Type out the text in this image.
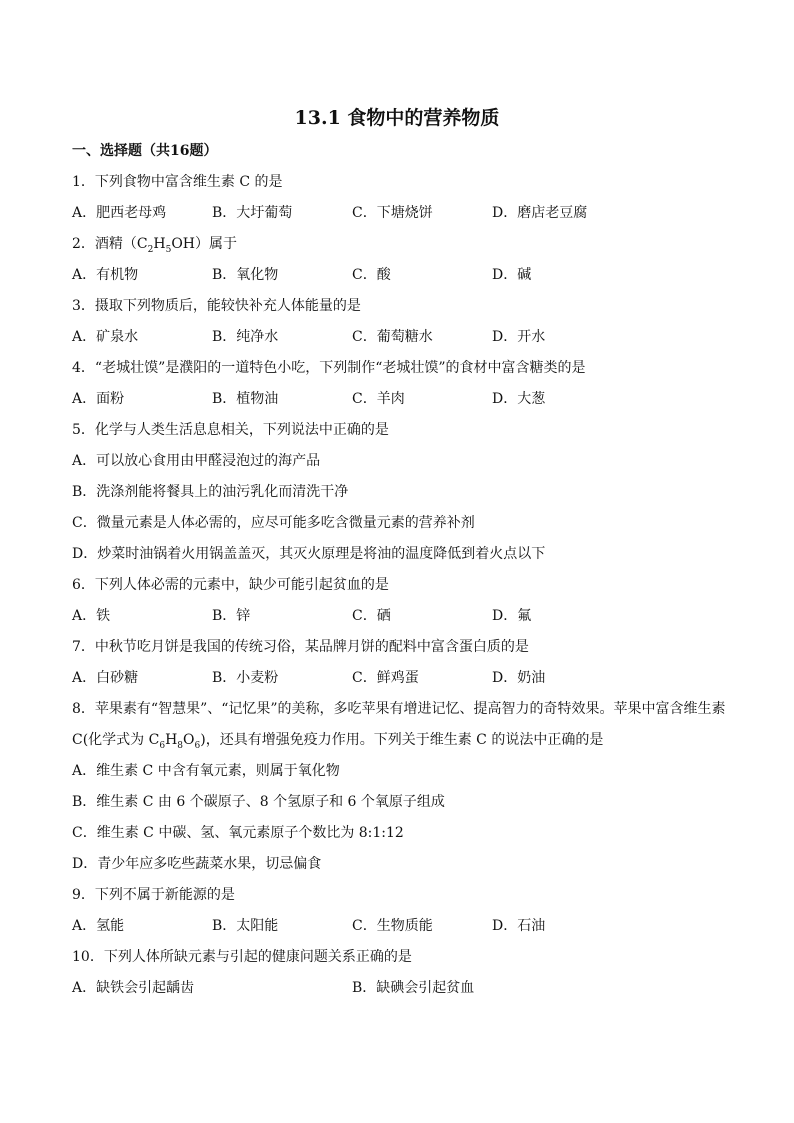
13.1 食物中的营养物质
一、选择题（共16题）
1．下列食物中富含维生素 C 的是
A．肥西老母鸡	B．大圩葡萄	C．下塘烧饼	D．磨店老豆腐
2．酒精$(C_2H_5OH)$属于
A．有机物	B．氧化物	C．酸	D．碱
3．摄取下列物质后，能较快补充人体能量的是
A．矿泉水	B．纯净水	C．葡萄糖水	D．开水
4．“老城壮馍”是濮阳的一道特色小吃，下列制作“老城壮馍”的食材中富含糖类的是
A．面粉	B．植物油	C．羊肉	D．大葱
5．化学与人类生活息息相关，下列说法中正确的是
A．可以放心食用由甲醛浸泡过的海产品
B．洗涤剂能将餐具上的油污乳化而清洗干净
C．微量元素是人体必需的，应尽可能多吃含微量元素的营养补剂
D．炒菜时油锅着火用锅盖盖灭，其灭火原理是将油的温度降低到着火点以下
6．下列人体必需的元素中，缺少可能引起贫血的是
A．铁	B．锌	C．硒	D．氟
7．中秋节吃月饼是我国的传统习俗，某品牌月饼的配料中富含蛋白质的是
A．白砂糖	B．小麦粉	C．鲜鸡蛋	D．奶油
8．苹果素有“智慧果”、“记忆果”的美称，多吃苹果有增进记忆、提高智力的奇特效果。苹果中富含维生素
C(化学式为 $C_6H_8O_6$)，还具有增强免疫力作用。下列关于维生素 C 的说法中正确的是
A．维生素 C 中含有氧元素，则属于氧化物
B．维生素 C 由 6 个碳原子、8 个氢原子和 6 个氧原子组成
C．维生素 C 中碳、氢、氧元素原子个数比为 8:1:12
D．青少年应多吃些蔬菜水果，切忌偏食
9．下列不属于新能源的是
A．氢能	B．太阳能	C．生物质能	D．石油
10．下列人体所缺元素与引起的健康问题关系正确的是
A．缺铁会引起龋齿	B．缺碘会引起贫血
